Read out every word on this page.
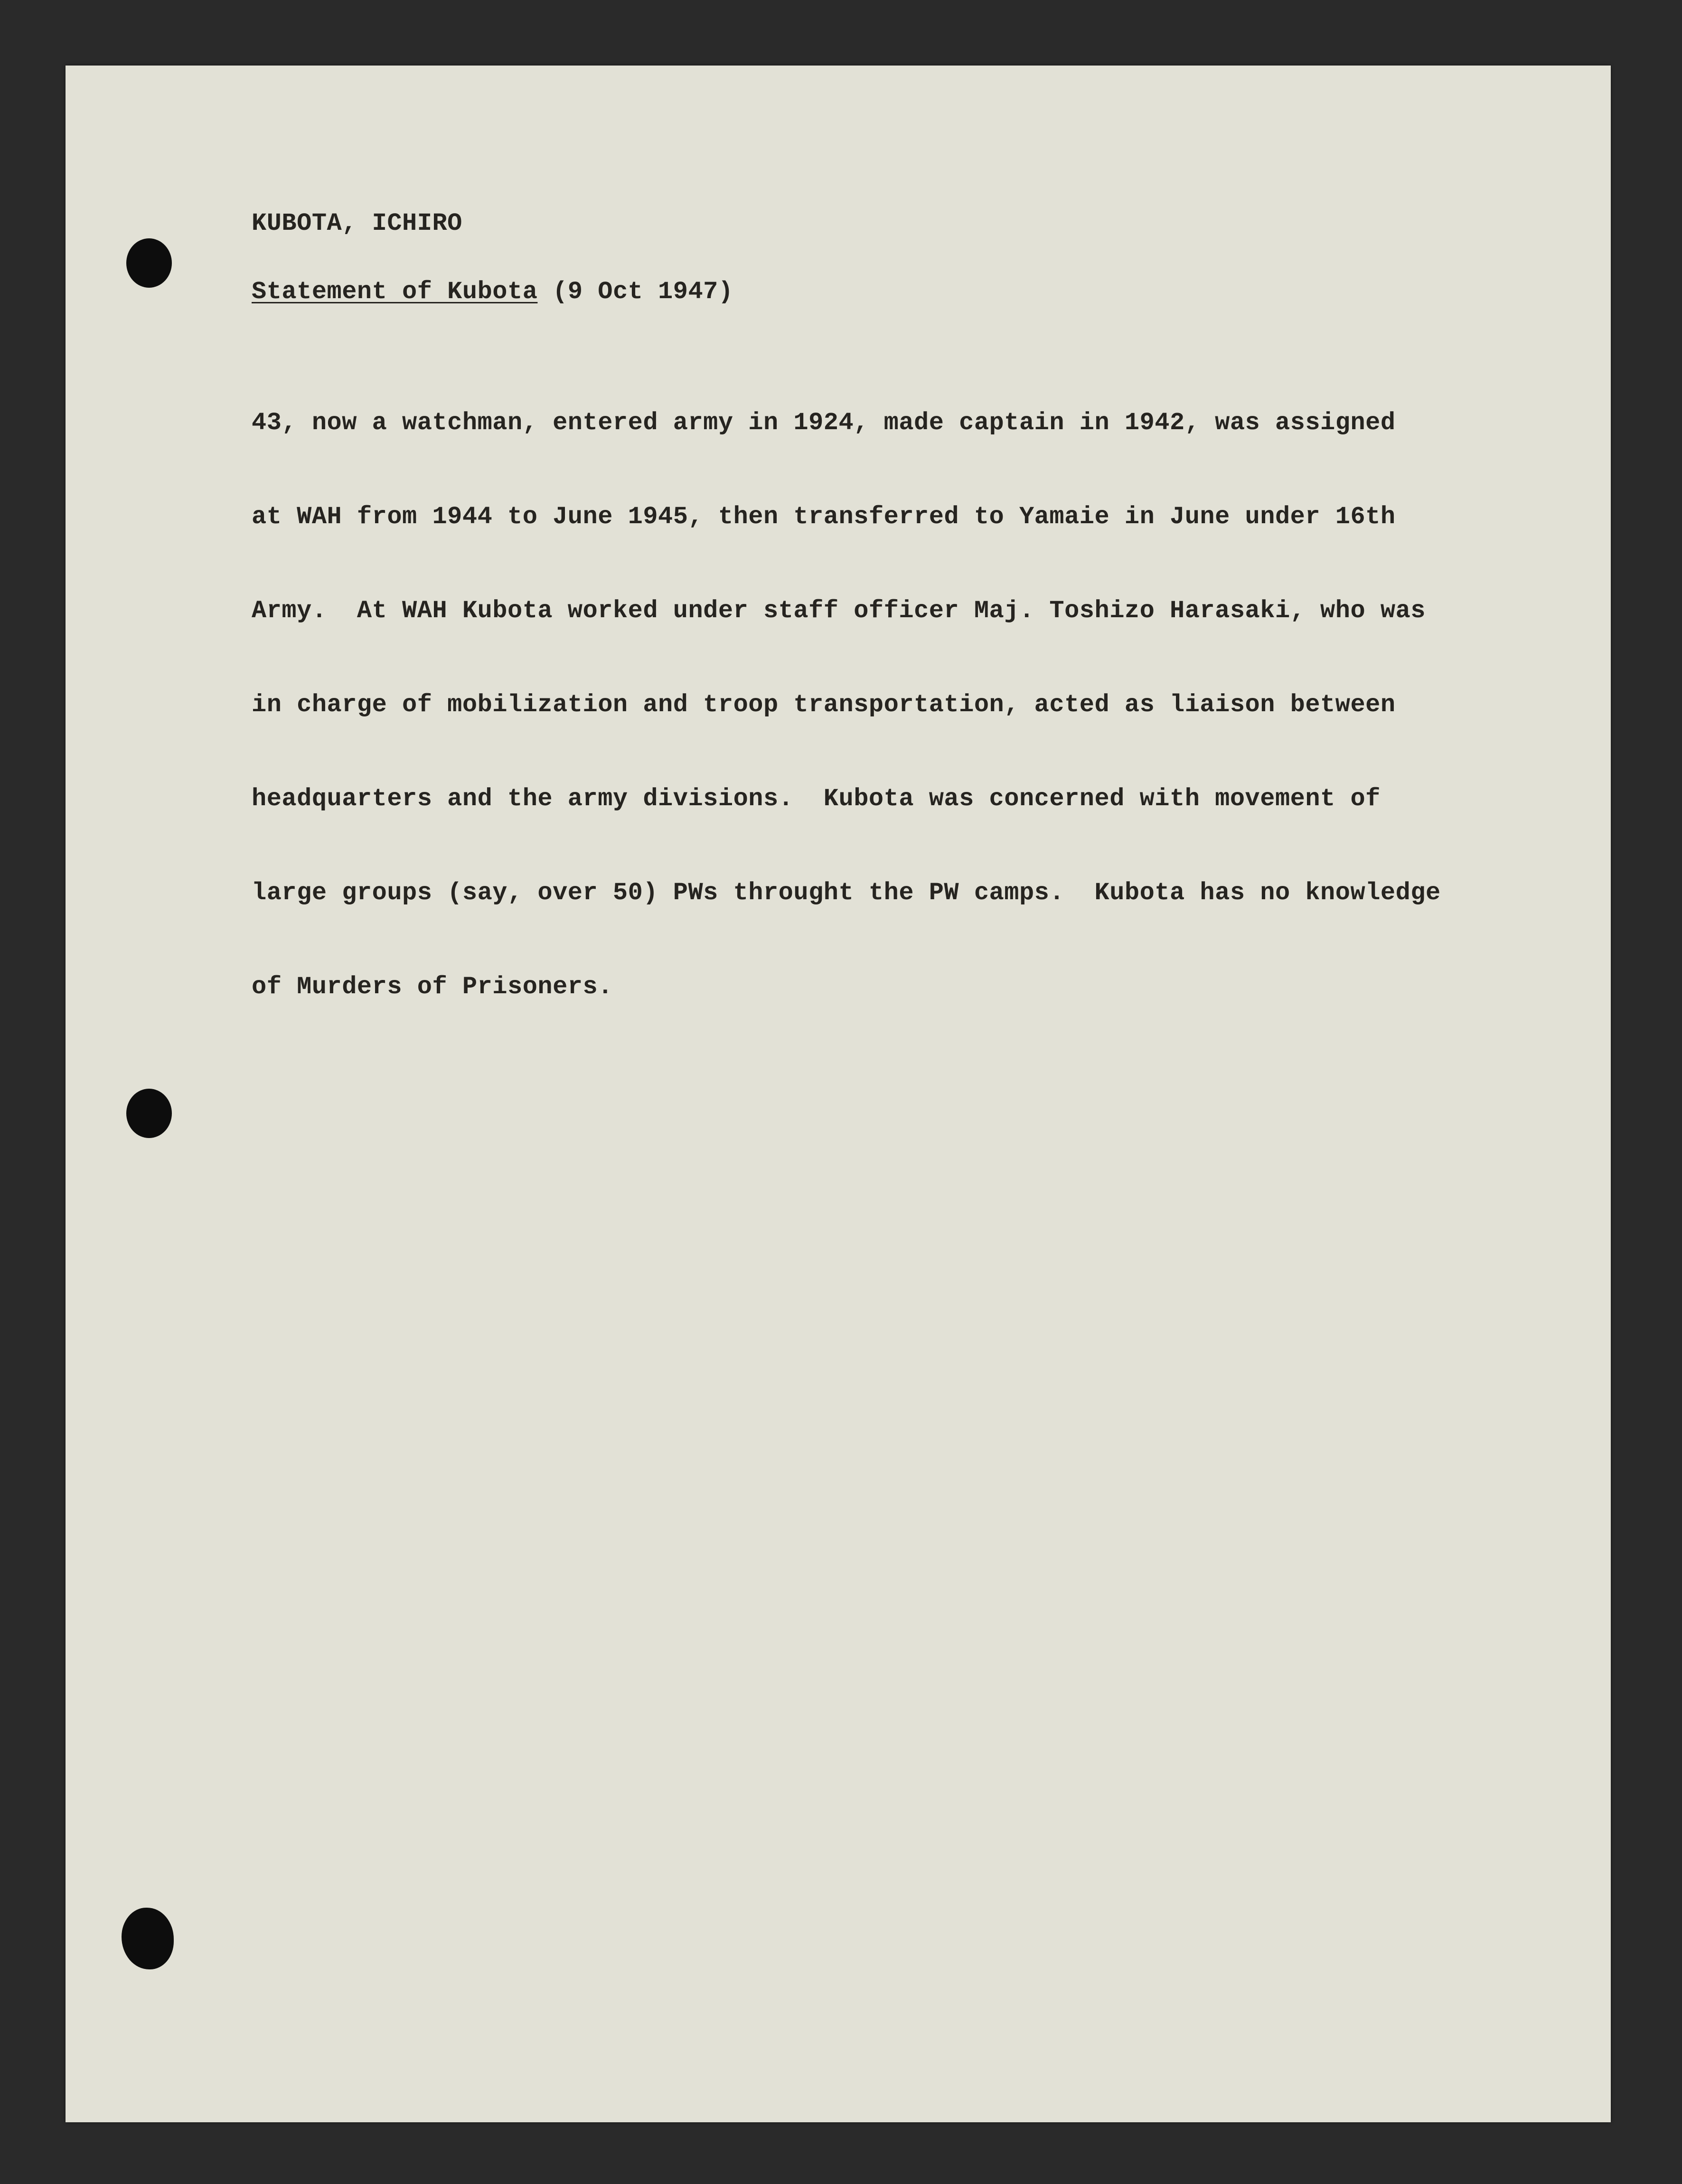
KUBOTA, ICHIRO

Statement of Kubota (9 Oct 1947)

43, now a watchman, entered army in 1924, made captain in 1942, was assigned

at WAH from 1944 to June 1945, then transferred to Yamaie in June under 16th

Army.  At WAH Kubota worked under staff officer Maj. Toshizo Harasaki, who was

in charge of mobilization and troop transportation, acted as liaison between

headquarters and the army divisions.  Kubota was concerned with movement of

large groups (say, over 50) PWs throught the PW camps.  Kubota has no knowledge

of Murders of Prisoners.
